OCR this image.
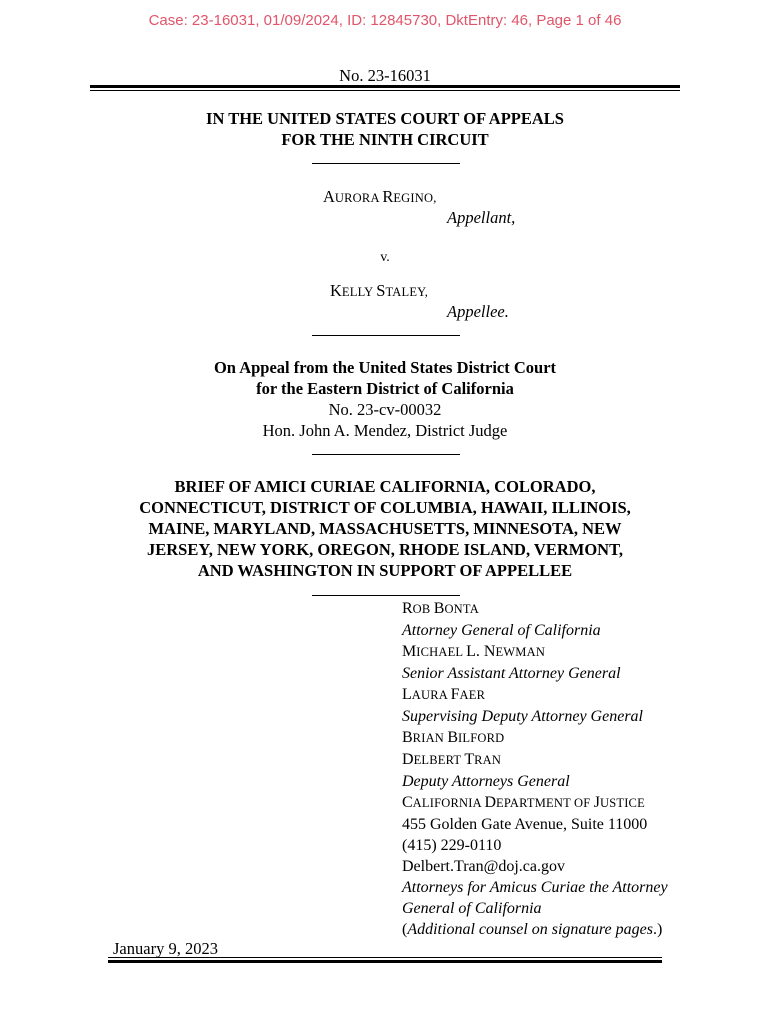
Case: 23-16031, 01/09/2024, ID: 12845730, DktEntry: 46, Page 1 of 46
No. 23-16031
IN THE UNITED STATES COURT OF APPEALS
FOR THE NINTH CIRCUIT
AURORA REGINO,
Appellant,
v.
KELLY STALEY,
Appellee.
On Appeal from the United States District Court
for the Eastern District of California
No. 23-cv-00032
Hon. John A. Mendez, District Judge
BRIEF OF AMICI CURIAE CALIFORNIA, COLORADO,
CONNECTICUT, DISTRICT OF COLUMBIA, HAWAII, ILLINOIS,
MAINE, MARYLAND, MASSACHUSETTS, MINNESOTA, NEW
JERSEY, NEW YORK, OREGON, RHODE ISLAND, VERMONT,
AND WASHINGTON IN SUPPORT OF APPELLEE
ROB BONTA
Attorney General of California
MICHAEL L. NEWMAN
Senior Assistant Attorney General
LAURA FAER
Supervising Deputy Attorney General
BRIAN BILFORD
DELBERT TRAN
Deputy Attorneys General
CALIFORNIA DEPARTMENT OF JUSTICE
455 Golden Gate Avenue, Suite 11000
(415) 229-0110
Delbert.Tran@doj.ca.gov
Attorneys for Amicus Curiae the Attorney
General of California
(Additional counsel on signature pages.)
January 9, 2023
